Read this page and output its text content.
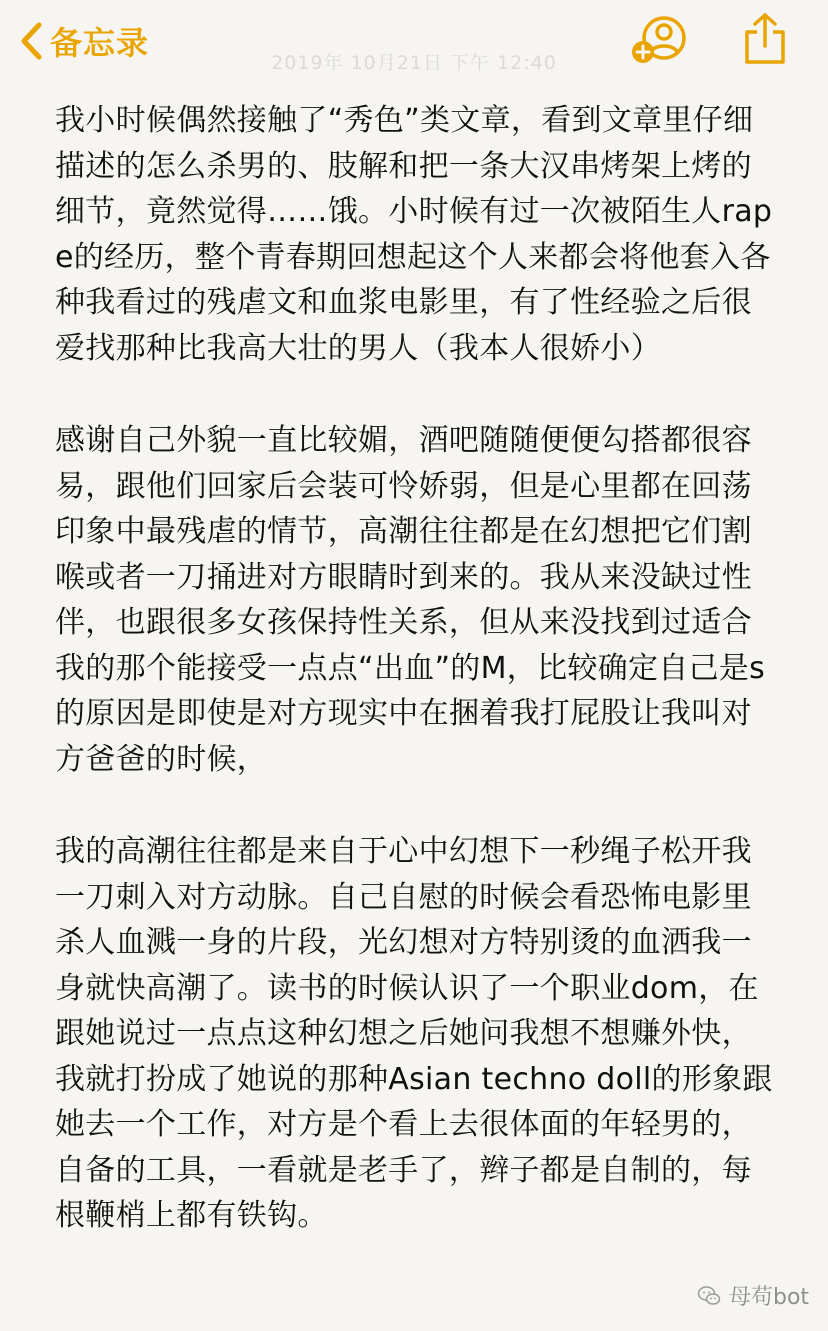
备忘录
2019年 10月21日 下午 12:40

我小时候偶然接触了“秀色”类文章，看到文章里仔细描述的怎么杀男的、肢解和把一条大汉串烤架上烤的细节，竟然觉得……饿。小时候有过一次被陌生人rape的经历，整个青春期回想起这个人来都会将他套入各种我看过的残虐文和血浆电影里，有了性经验之后很爱找那种比我高大壮的男人（我本人很娇小）

感谢自己外貌一直比较媚，酒吧随随便便勾搭都很容易，跟他们回家后会装可怜娇弱，但是心里都在回荡印象中最残虐的情节，高潮往往都是在幻想把它们割喉或者一刀捅进对方眼睛时到来的。我从来没缺过性伴，也跟很多女孩保持性关系，但从来没找到过适合我的那个能接受一点点“出血”的M，比较确定自己是s的原因是即使是对方现实中在捆着我打屁股让我叫对方爸爸的时候，

我的高潮往往都是来自于心中幻想下一秒绳子松开我一刀刺入对方动脉。自己自慰的时候会看恐怖电影里杀人血溅一身的片段，光幻想对方特别烫的血洒我一身就快高潮了。读书的时候认识了一个职业dom，在跟她说过一点点这种幻想之后她问我想不想赚外快，我就打扮成了她说的那种Asian techno doll的形象跟她去一个工作，对方是个看上去很体面的年轻男的，自备的工具，一看就是老手了，辫子都是自制的，每根鞭梢上都有铁钩。

母苟bot
